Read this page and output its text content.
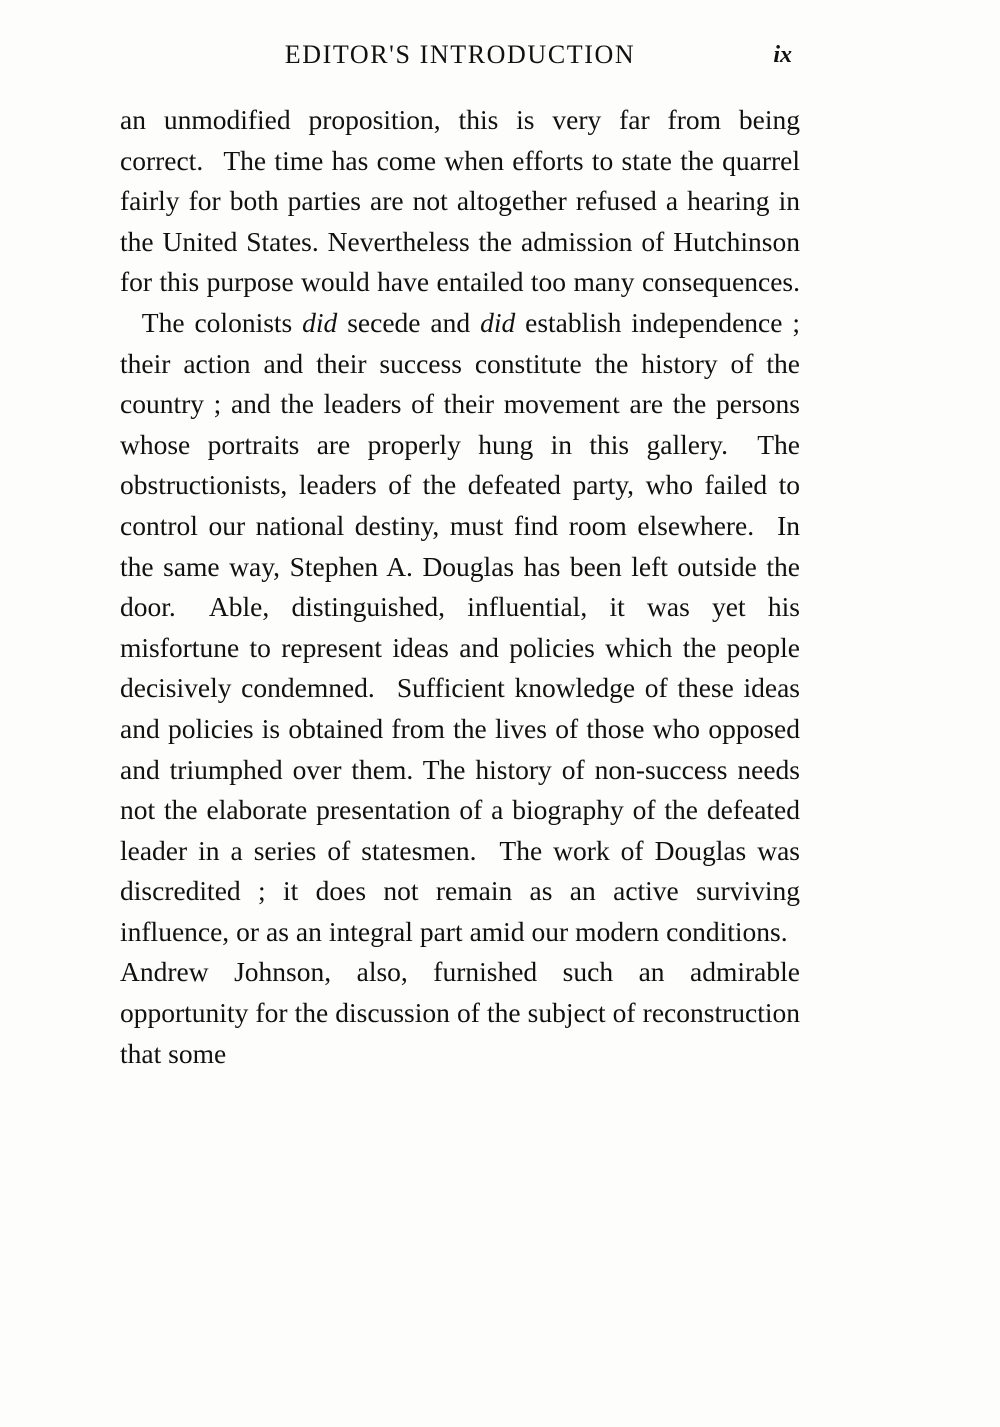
EDITOR'S INTRODUCTION	ix

an unmodified proposition, this is very far from being correct. The time has come when efforts to state the quarrel fairly for both parties are not altogether refused a hearing in the United States. Nevertheless the admission of Hutchinson for this purpose would have entailed too many consequences. The colonists did secede and did establish independence ; their action and their success constitute the history of the country ; and the leaders of their movement are the persons whose portraits are properly hung in this gallery. The obstructionists, leaders of the defeated party, who failed to control our national destiny, must find room elsewhere. In the same way, Stephen A. Douglas has been left outside the door. Able, distinguished, influential, it was yet his misfortune to represent ideas and policies which the people decisively condemned. Sufficient knowledge of these ideas and policies is obtained from the lives of those who opposed and triumphed over them. The history of non-success needs not the elaborate presentation of a biography of the defeated leader in a series of statesmen. The work of Douglas was discredited ; it does not remain as an active surviving influence, or as an integral part amid our modern conditions. Andrew Johnson, also, furnished such an admirable opportunity for the discussion of the subject of reconstruction that some
